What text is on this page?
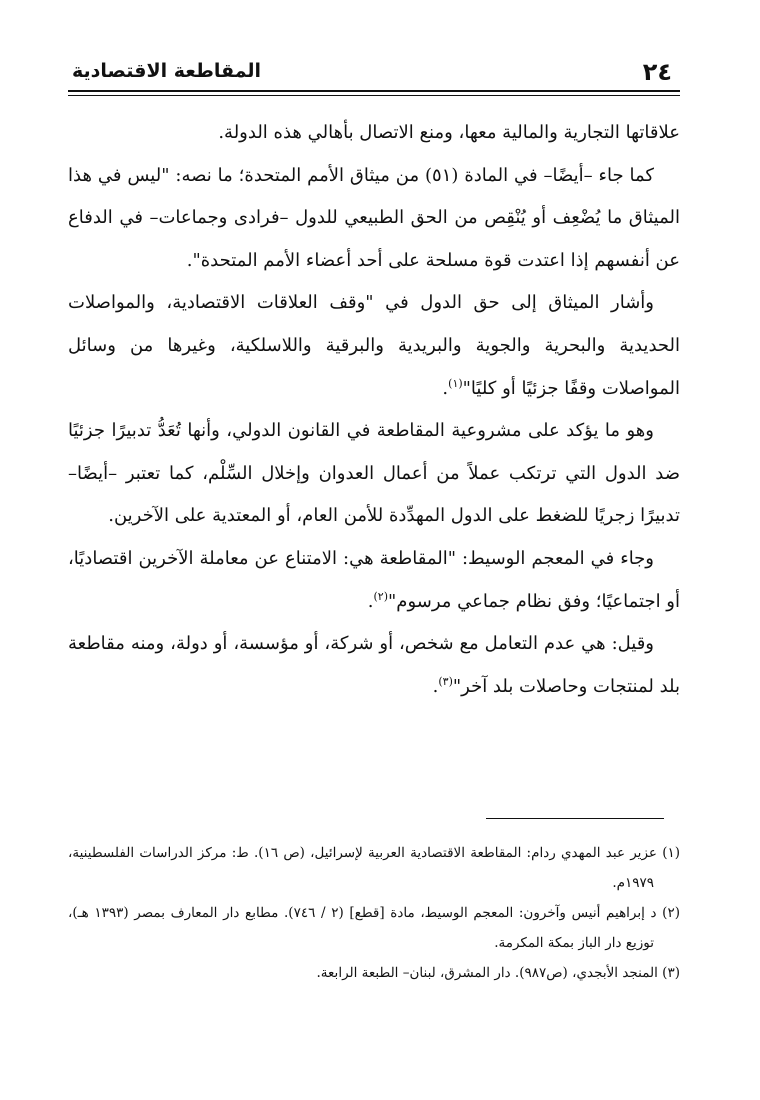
٢٤
المقاطعة الاقتصادية

علاقاتها التجارية والمالية معها، ومنع الاتصال بأهالي هذه الدولة.

كما جاء –أيضًا– في المادة (٥١) من ميثاق الأمم المتحدة؛ ما نصه: "ليس في هذا الميثاق ما يُضْعِف أو يُنْقِص من الحق الطبيعي للدول –فرادى وجماعات– في الدفاع عن أنفسهم إذا اعتدت قوة مسلحة على أحد أعضاء الأمم المتحدة".

وأشار الميثاق إلى حق الدول في "وقف العلاقات الاقتصادية، والمواصلات الحديدية والبحرية والجوية والبريدية والبرقية واللاسلكية، وغيرها من وسائل المواصلات وقفًا جزئيًا أو كليًا"$^{(١)}$.

وهو ما يؤكد على مشروعية المقاطعة في القانون الدولي، وأنها تُعَدُّ تدبيرًا جزئيًا ضد الدول التي ترتكب عملاً من أعمال العدوان وإخلال السِّلْم، كما تعتبر –أيضًا– تدبيرًا زجريًا للضغط على الدول المهدِّدة للأمن العام، أو المعتدية على الآخرين.

وجاء في المعجم الوسيط: "المقاطعة هي: الامتناع عن معاملة الآخرين اقتصاديًا، أو اجتماعيًا؛ وفق نظام جماعي مرسوم"$^{(٢)}$.

وقيل: هي عدم التعامل مع شخص، أو شركة، أو مؤسسة، أو دولة، ومنه مقاطعة بلد لمنتجات وحاصلات بلد آخر"$^{(٣)}$.

(١) عزير عبد المهدي ردام: المقاطعة الاقتصادية العربية لإسرائيل، (ص ١٦). ط: مركز الدراسات الفلسطينية، ١٩٧٩م.

(٢) د إبراهيم أنيس وآخرون: المعجم الوسيط، مادة [قطع] (٢ / ٧٤٦). مطابع دار المعارف بمصر (١٣٩٣ هـ)، توزيع دار الباز بمكة المكرمة.

(٣) المنجد الأبجدي، (ص٩٨٧). دار المشرق، لبنان– الطبعة الرابعة.
